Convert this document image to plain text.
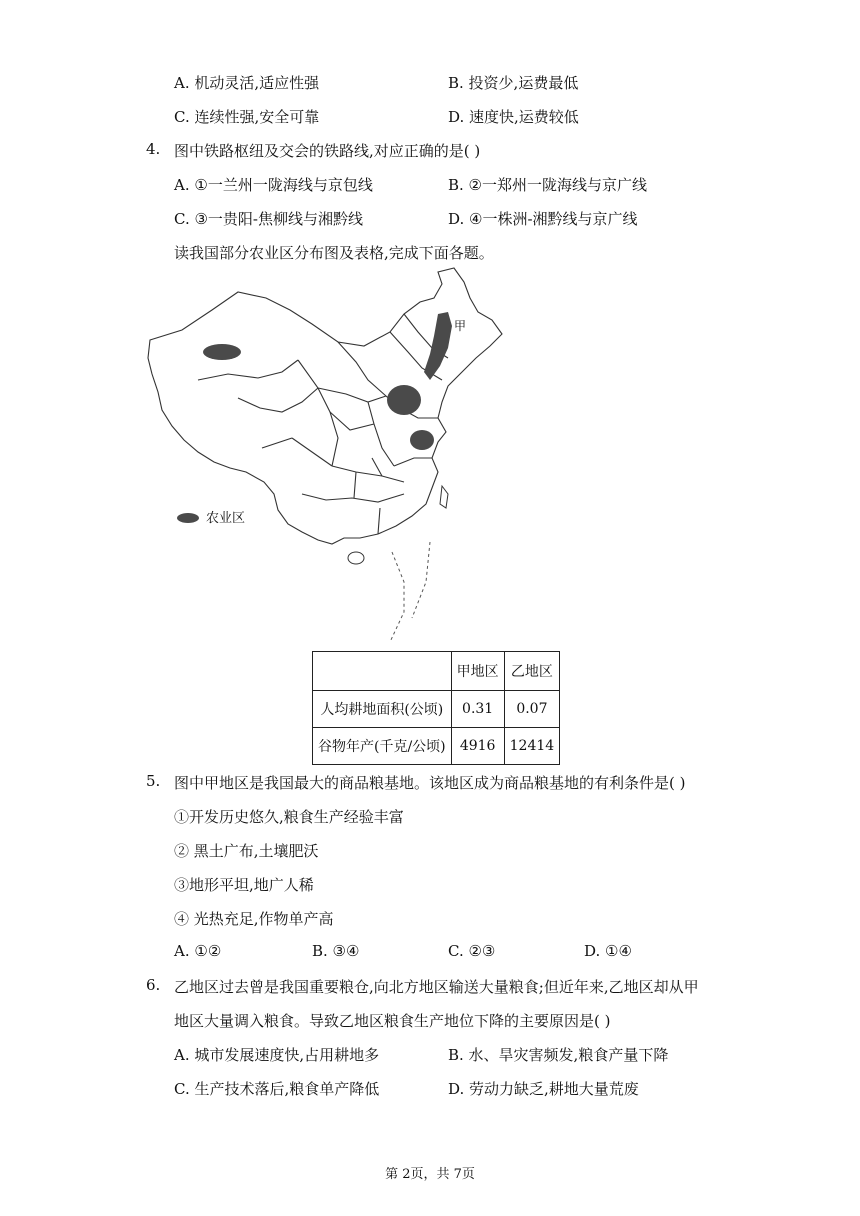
A. 机动灵活,适应性强	B. 投资少,运费最低
C. 连续性强,安全可靠	D. 速度快,运费较低
4. 图中铁路枢纽及交会的铁路线,对应正确的是( )
A. ①一兰州一陇海线与京包线	B. ②一郑州一陇海线与京广线
C. ③一贵阳-焦柳线与湘黔线	D. ④一株洲-湘黔线与京广线
读我国部分农业区分布图及表格,完成下面各题。
甲
农业区
	甲地区	乙地区
人均耕地面积(公顷)	0.31	0.07
谷物年产(千克/公顷)	4916	12414
5. 图中甲地区是我国最大的商品粮基地。该地区成为商品粮基地的有利条件是( )
①开发历史悠久,粮食生产经验丰富
② 黑土广布,土壤肥沃
③地形平坦,地广人稀
④ 光热充足,作物单产高
A. ①②	B. ③④	C. ②③	D. ①④
6. 乙地区过去曾是我国重要粮仓,向北方地区输送大量粮食;但近年来,乙地区却从甲
地区大量调入粮食。导致乙地区粮食生产地位下降的主要原因是( )
A. 城市发展速度快,占用耕地多	B. 水、旱灾害频发,粮食产量下降
C. 生产技术落后,粮食单产降低	D. 劳动力缺乏,耕地大量荒废
第 2页，共 7页
